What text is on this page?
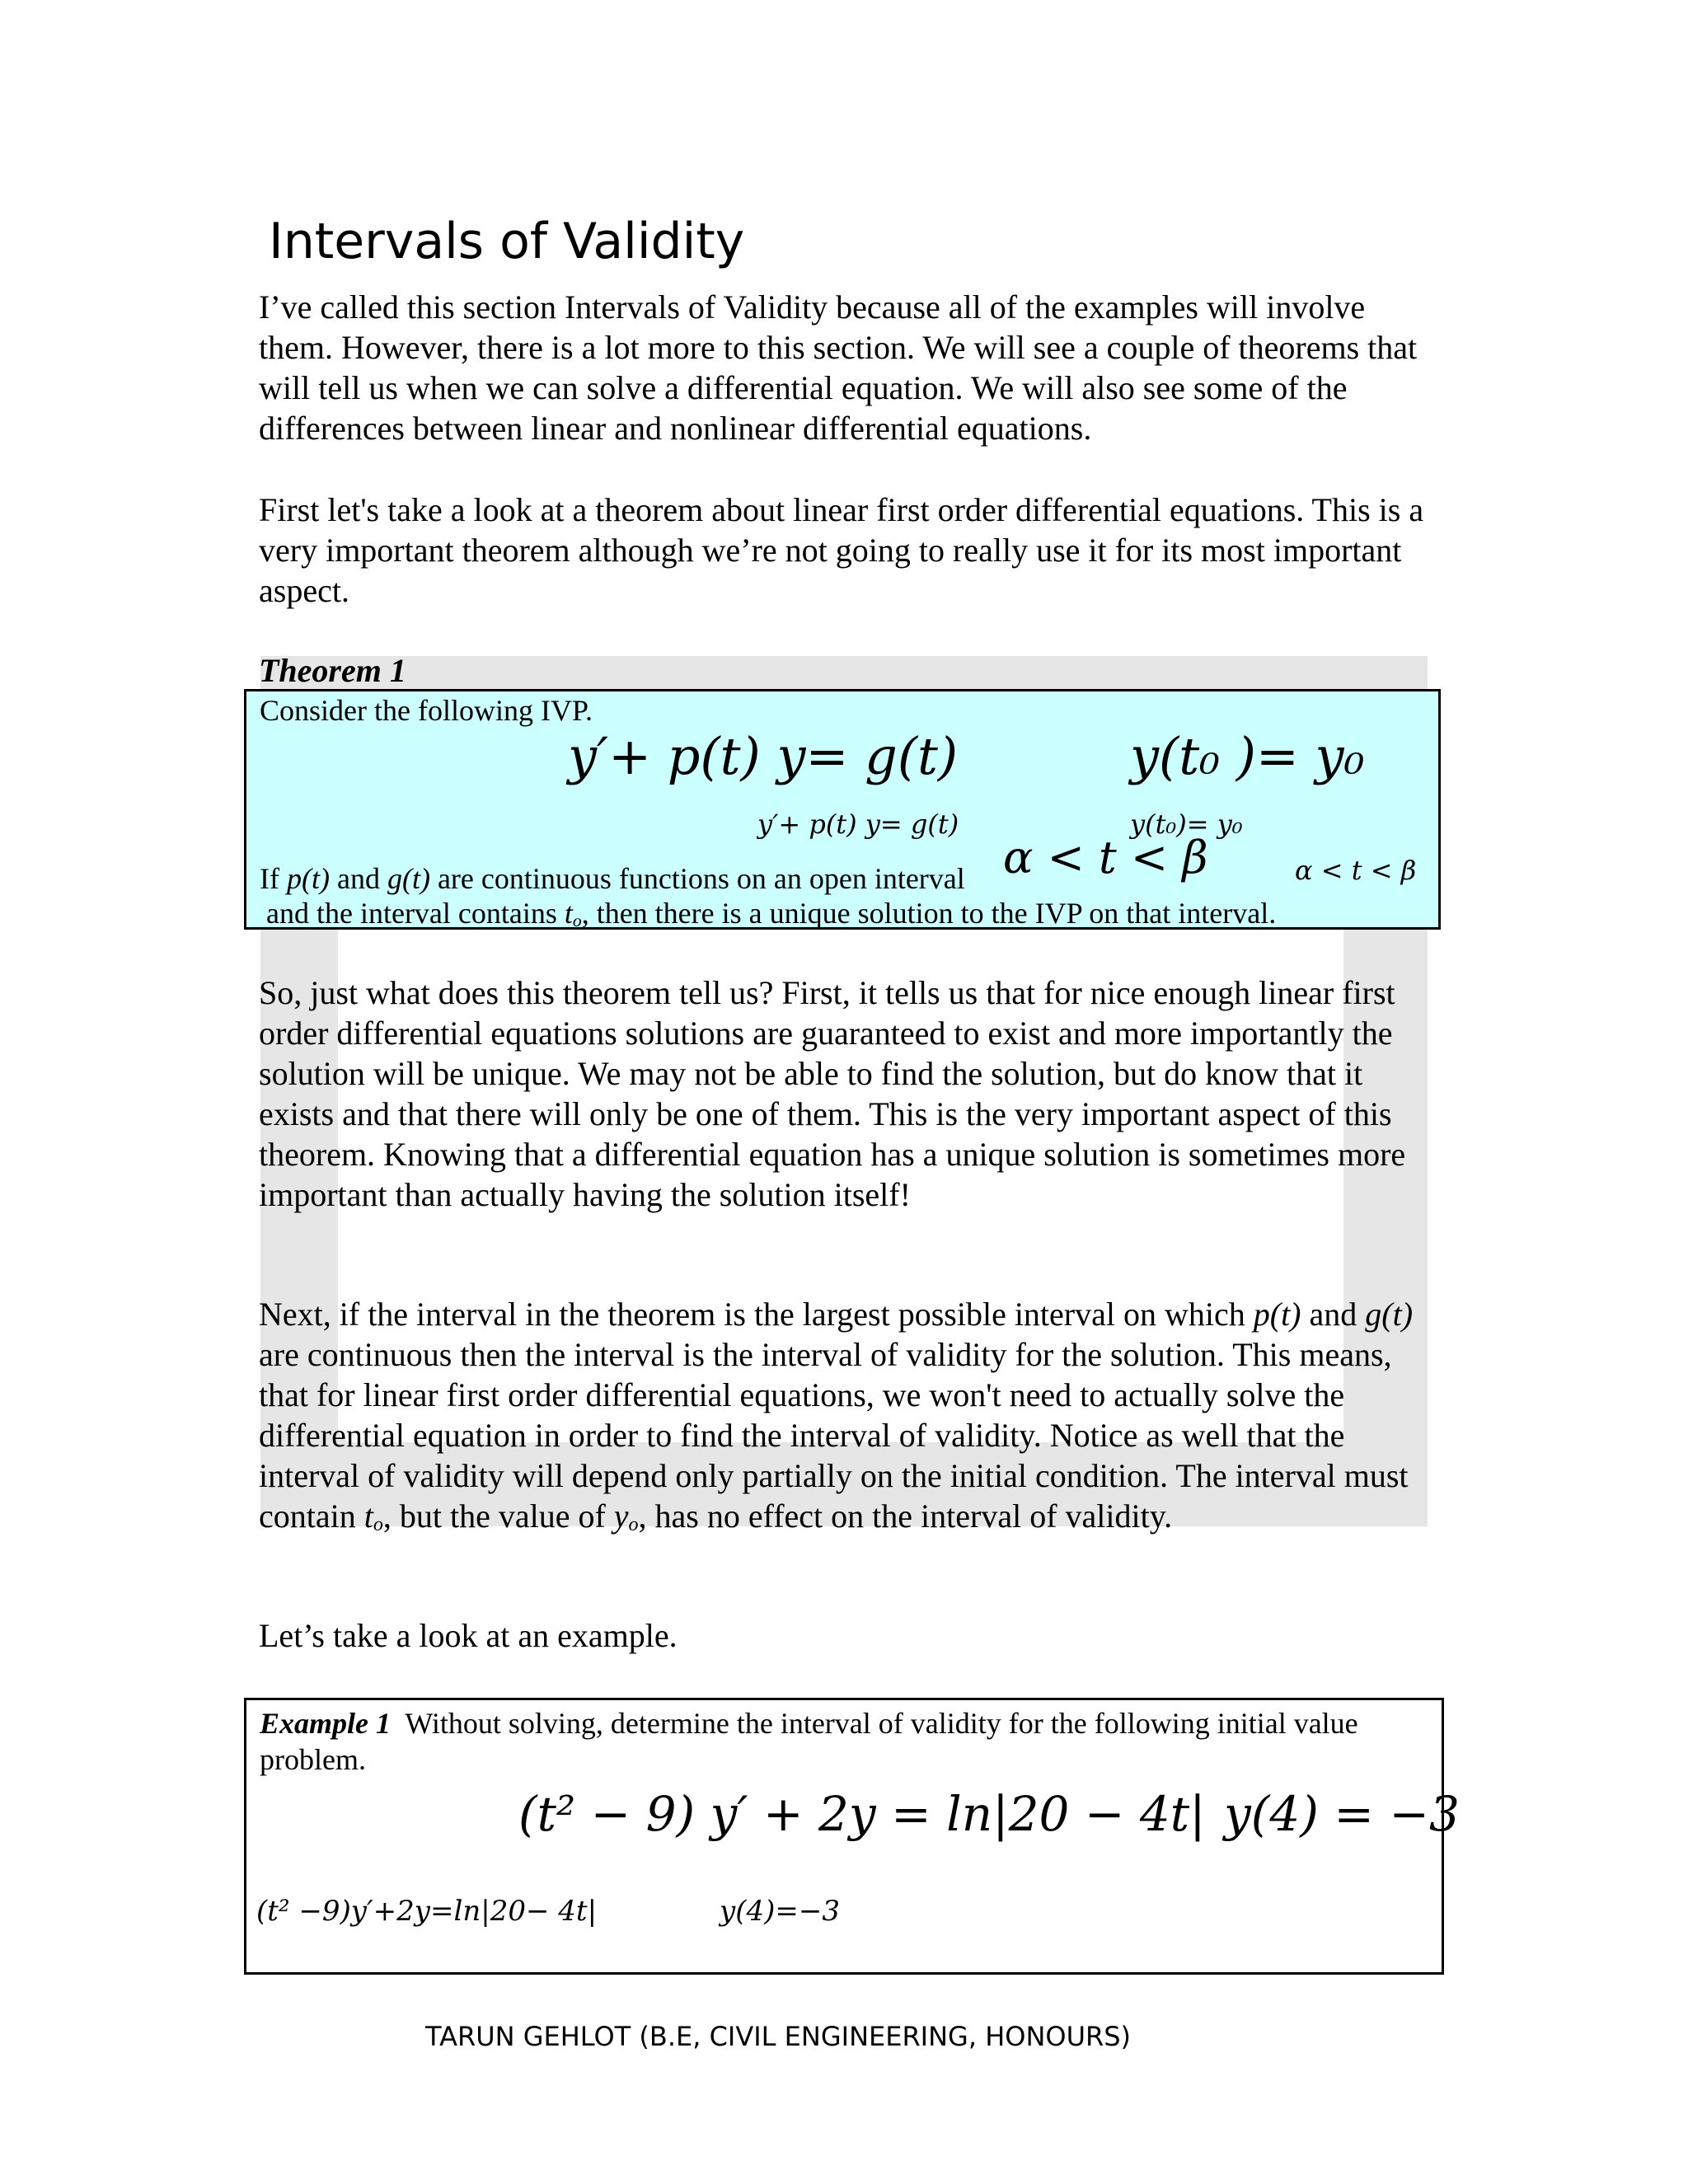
Intervals of Validity

I’ve called this section Intervals of Validity because all of the examples will involve them. However, there is a lot more to this section. We will see a couple of theorems that will tell us when we can solve a differential equation. We will also see some of the differences between linear and nonlinear differential equations.

First let's take a look at a theorem about linear first order differential equations. This is a very important theorem although we’re not going to really use it for its most important aspect.

Theorem 1
Consider the following IVP.
y′+ p(t) y= g(t)	y(t₀ )= y₀
y′+ p(t) y= g(t)	y(t₀)= y₀
If p(t) and g(t) are continuous functions on an open interval α < t < β	α < t < β
and the interval contains $t_o$, then there is a unique solution to the IVP on that interval.

So, just what does this theorem tell us? First, it tells us that for nice enough linear first order differential equations solutions are guaranteed to exist and more importantly the solution will be unique. We may not be able to find the solution, but do know that it exists and that there will only be one of them. This is the very important aspect of this theorem. Knowing that a differential equation has a unique solution is sometimes more important than actually having the solution itself!

Next, if the interval in the theorem is the largest possible interval on which p(t) and g(t) are continuous then the interval is the interval of validity for the solution. This means, that for linear first order differential equations, we won't need to actually solve the differential equation in order to find the interval of validity. Notice as well that the interval of validity will depend only partially on the initial condition. The interval must contain $t_o$, but the value of $y_o$, has no effect on the interval of validity.

Let’s take a look at an example.

Example 1 Without solving, determine the interval of validity for the following initial value problem.
(t² − 9) y′ + 2y = ln|20 − 4t| y(4) = −3
(t² −9)y′+2y=ln|20− 4t|	y(4)=−3
TARUN GEHLOT (B.E, CIVIL ENGINEERING, HONOURS)
